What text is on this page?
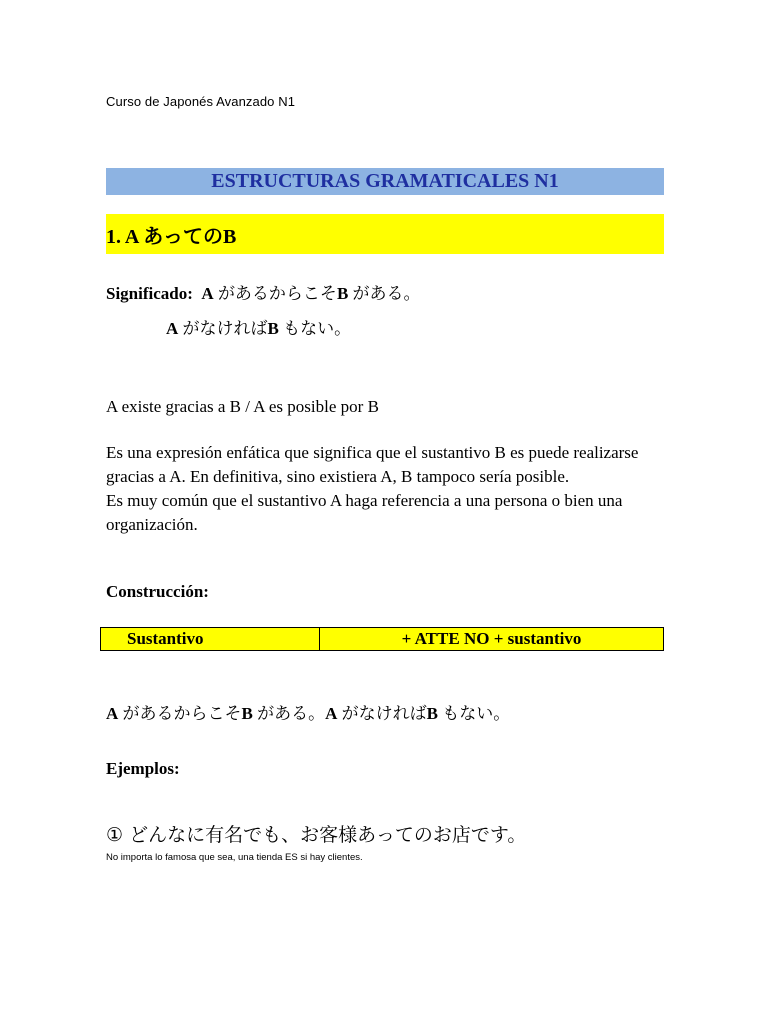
Curso de Japonés Avanzado N1
ESTRUCTURAS GRAMATICALES N1
1. A あってのB
Significado: A があるからこそB がある。
A がなければB もない。
A existe gracias a B / A es posible por B
Es una expresión enfática que significa que el sustantivo B es puede realizarse gracias a A. En definitiva, sino existiera A, B tampoco sería posible.
Es muy común que el sustantivo A haga referencia a una persona o bien una organización.
Construcción:
Sustantivo	+ ATTE NO + sustantivo
A があるからこそB がある。A がなければB もない。
Ejemplos:
① どんなに有名でも、お客様あってのお店です。
No importa lo famosa que sea, una tienda ES si hay clientes.
